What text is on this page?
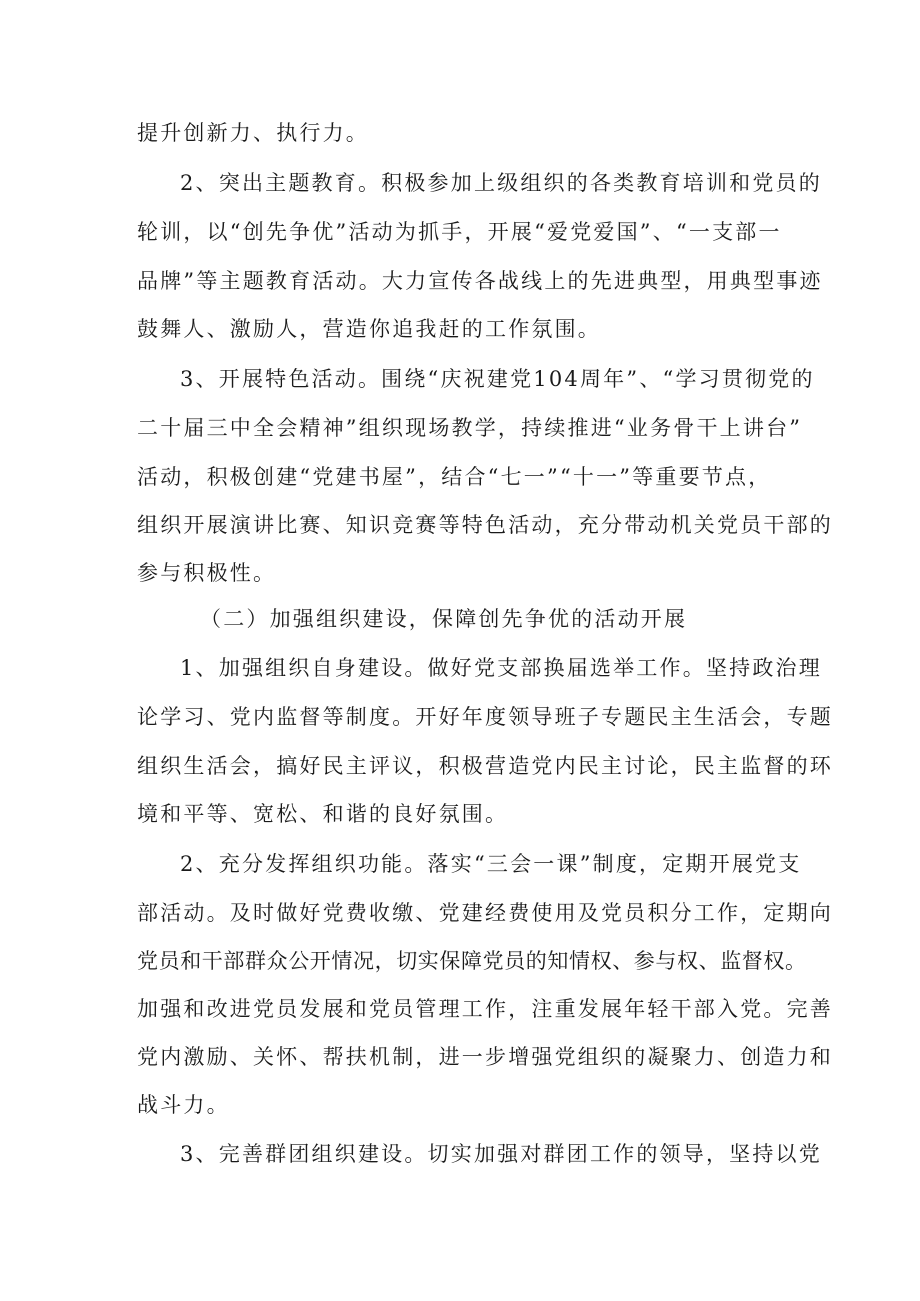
提升创新力、执行力。

2、突出主题教育。积极参加上级组织的各类教育培训和党员的

轮训，以“创先争优”活动为抓手，开展“爱党爱国”、“一支部一

品牌”等主题教育活动。大力宣传各战线上的先进典型，用典型事迹

鼓舞人、激励人，营造你追我赶的工作氛围。

3、开展特色活动。围绕“庆祝建党104周年”、“学习贯彻党的

二十届三中全会精神”组织现场教学，持续推进“业务骨干上讲台”

活动，积极创建“党建书屋”，结合“七一”“十一”等重要节点，

组织开展演讲比赛、知识竞赛等特色活动，充分带动机关党员干部的

参与积极性。

（二）加强组织建设，保障创先争优的活动开展

1、加强组织自身建设。做好党支部换届选举工作。坚持政治理

论学习、党内监督等制度。开好年度领导班子专题民主生活会，专题

组织生活会，搞好民主评议，积极营造党内民主讨论，民主监督的环

境和平等、宽松、和谐的良好氛围。

2、充分发挥组织功能。落实“三会一课”制度，定期开展党支

部活动。及时做好党费收缴、党建经费使用及党员积分工作，定期向

党员和干部群众公开情况，切实保障党员的知情权、参与权、监督权。

加强和改进党员发展和党员管理工作，注重发展年轻干部入党。完善

党内激励、关怀、帮扶机制，进一步增强党组织的凝聚力、创造力和

战斗力。

3、完善群团组织建设。切实加强对群团工作的领导，坚持以党
